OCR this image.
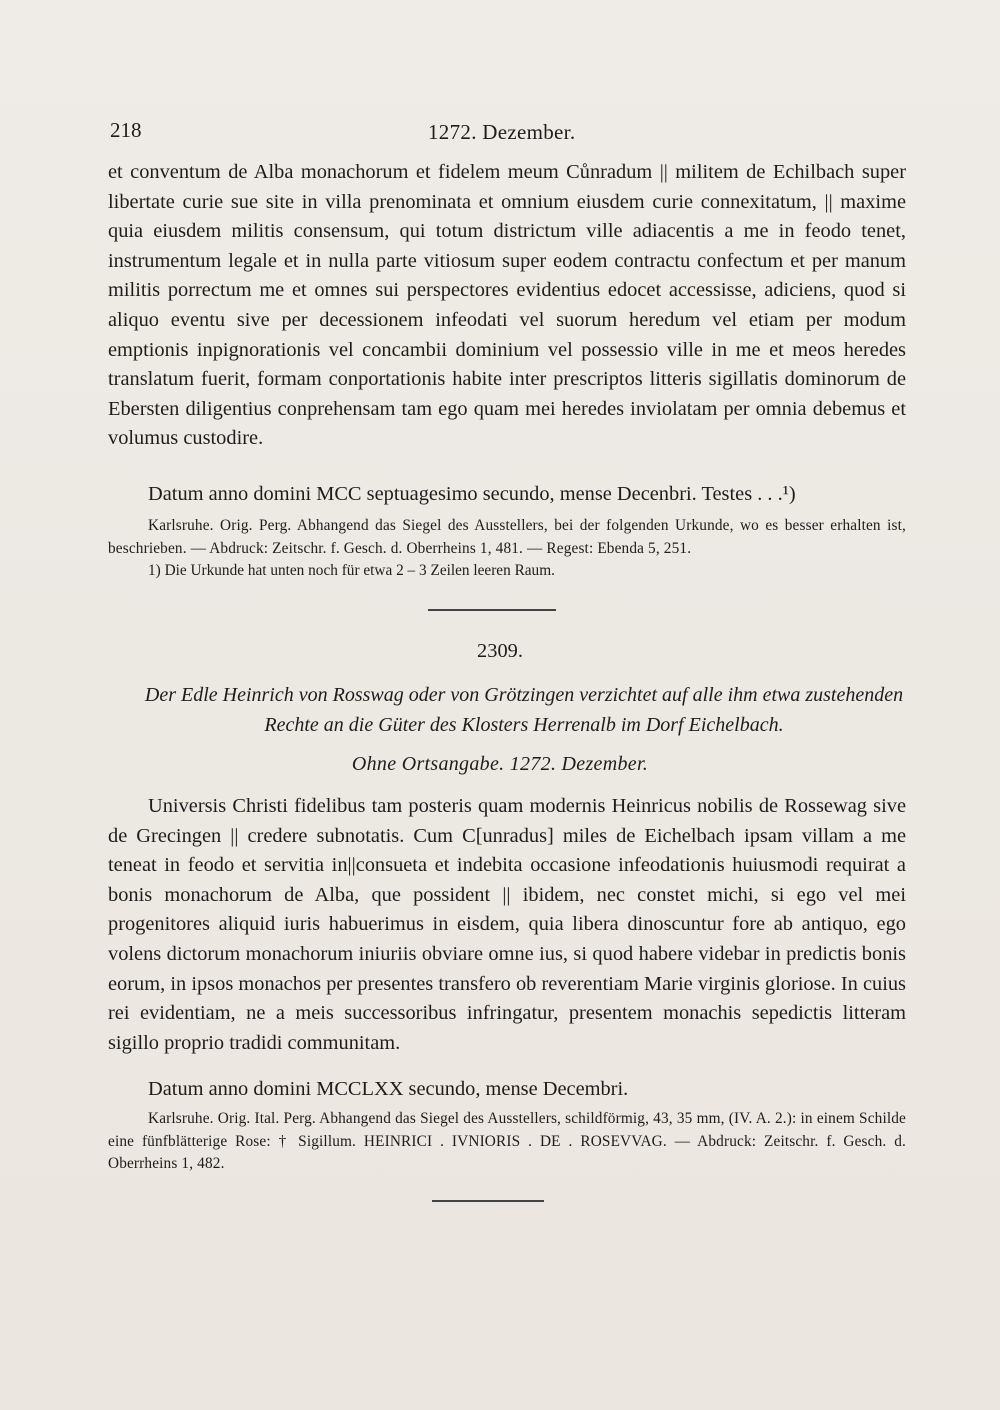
218	1272. Dezember.

et conventum de Alba monachorum et fidelem meum Cůnradum || militem de Echilbach super libertate curie sue site in villa prenominata et omnium eiusdem curie connexitatum, || maxime quia eiusdem militis consensum, qui totum districtum ville adiacentis a me in feodo tenet, instrumentum legale et in nulla parte vitiosum super eodem contractu confectum et per manum militis porrectum me et omnes sui perspectores evidentius edocet accessisse, adiciens, quod si aliquo eventu sive per decessionem infeodati vel suorum heredum vel etiam per modum emptionis inpignorationis vel concambii dominium vel possessio ville in me et meos heredes translatum fuerit, formam conportationis habite inter prescriptos litteris sigillatis dominorum de Ebersten diligentius conprehensam tam ego quam mei heredes inviolatam per omnia debemus et volumus custodire.

Datum anno domini MCC septuagesimo secundo, mense Decenbri. Testes . . .¹)

Karlsruhe. Orig. Perg. Abhangend das Siegel des Ausstellers, bei der folgenden Urkunde, wo es besser erhalten ist, beschrieben. — Abdruck: Zeitschr. f. Gesch. d. Oberrheins 1, 481. — Regest: Ebenda 5, 251.

1) Die Urkunde hat unten noch für etwa 2 – 3 Zeilen leeren Raum.

2309.
Der Edle Heinrich von Rosswag oder von Grötzingen verzichtet auf alle ihm etwa zustehenden Rechte an die Güter des Klosters Herrenalb im Dorf Eichelbach.
Ohne Ortsangabe. 1272. Dezember.

Universis Christi fidelibus tam posteris quam modernis Heinricus nobilis de Rossewag sive de Grecingen || credere subnotatis. Cum C[unradus] miles de Eichelbach ipsam villam a me teneat in feodo et servitia in||consueta et indebita occasione infeodationis huiusmodi requirat a bonis monachorum de Alba, que possident || ibidem, nec constet michi, si ego vel mei progenitores aliquid iuris habuerimus in eisdem, quia libera dinoscuntur fore ab antiquo, ego volens dictorum monachorum iniuriis obviare omne ius, si quod habere videbar in predictis bonis eorum, in ipsos monachos per presentes transfero ob reverentiam Marie virginis gloriose. In cuius rei evidentiam, ne a meis successoribus infringatur, presentem monachis sepedictis litteram sigillo proprio tradidi communitam.

Datum anno domini MCCLXX secundo, mense Decembri.

Karlsruhe. Orig. Ital. Perg. Abhangend das Siegel des Ausstellers, schildförmig, 43, 35 mm, (IV. A. 2.): in einem Schilde eine fünfblätterige Rose: † Sigillum. HEINRICI . IVNIORIS . DE . ROSEVVAG. — Abdruck: Zeitschr. f. Gesch. d. Oberrheins 1, 482.
